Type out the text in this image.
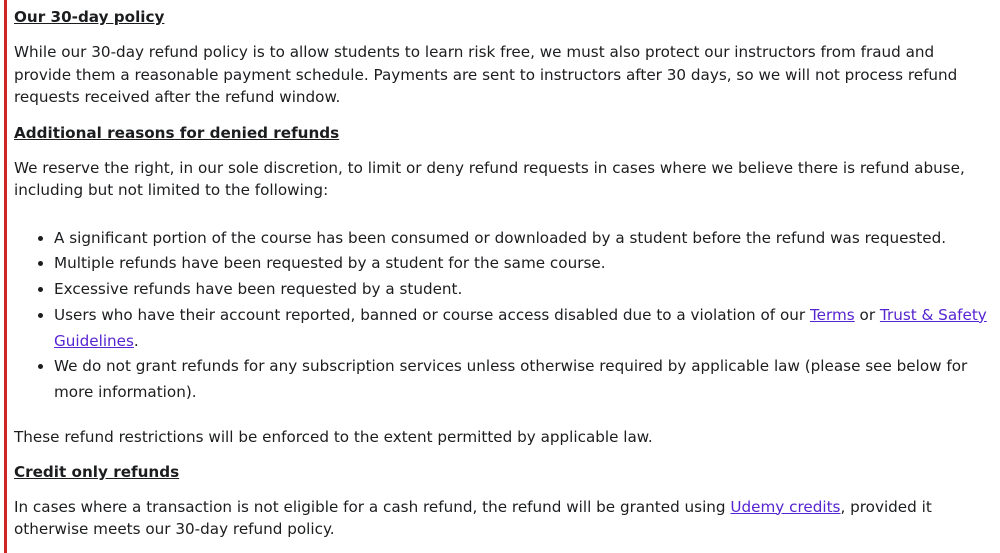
Our 30-day policy

While our 30-day refund policy is to allow students to learn risk free, we must also protect our instructors from fraud and provide them a reasonable payment schedule. Payments are sent to instructors after 30 days, so we will not process refund requests received after the refund window.

Additional reasons for denied refunds

We reserve the right, in our sole discretion, to limit or deny refund requests in cases where we believe there is refund abuse, including but not limited to the following:

• A significant portion of the course has been consumed or downloaded by a student before the refund was requested.
• Multiple refunds have been requested by a student for the same course.
• Excessive refunds have been requested by a student.
• Users who have their account reported, banned or course access disabled due to a violation of our Terms or Trust & Safety Guidelines.
• We do not grant refunds for any subscription services unless otherwise required by applicable law (please see below for more information).

These refund restrictions will be enforced to the extent permitted by applicable law.

Credit only refunds

In cases where a transaction is not eligible for a cash refund, the refund will be granted using Udemy credits, provided it otherwise meets our 30-day refund policy.
